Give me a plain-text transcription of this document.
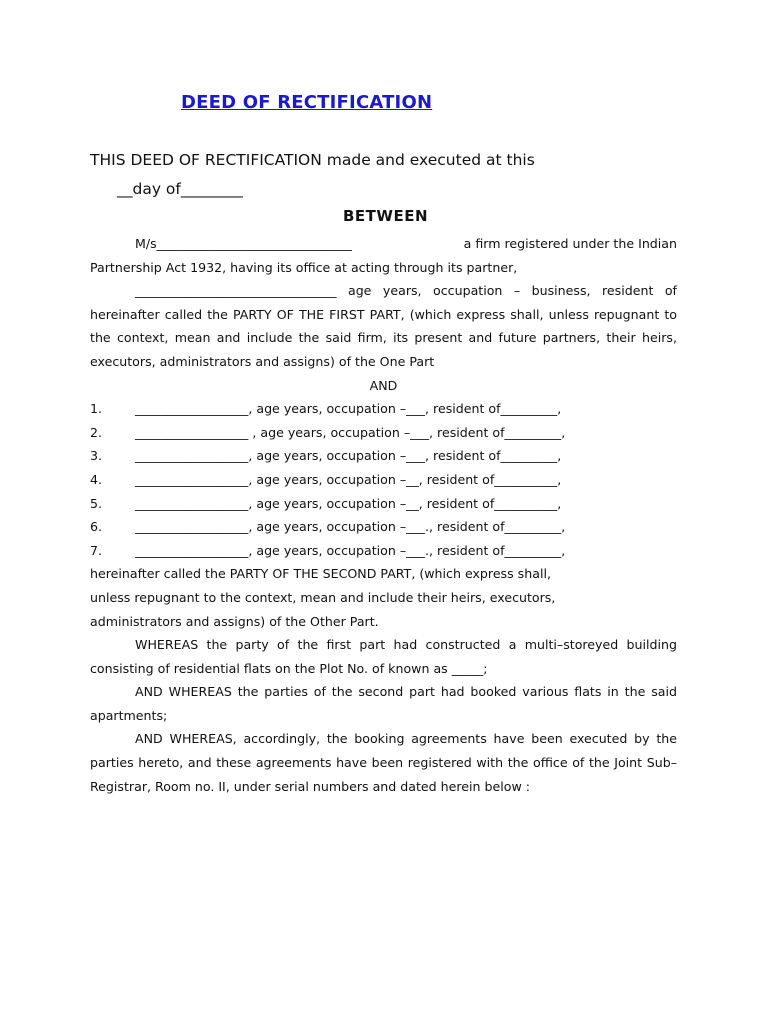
DEED OF RECTIFICATION
THIS DEED OF RECTIFICATION made and executed at this
__day of________
BETWEEN

M/s_______________________________	a firm registered under the Indian

Partnership Act 1932, having its office at acting through its partner,

________________________________ age years, occupation – business, resident of

hereinafter called the PARTY OF THE FIRST PART, (which express shall, unless repugnant to the context, mean and include the said firm, its present and future partners, their heirs, executors, administrators and assigns) of the One Part

AND

1.	__________________, age years, occupation –___, resident of_________,

2.	__________________ , age years, occupation –___, resident of_________,

3.	__________________, age years, occupation –___, resident of_________,

4.	__________________, age years, occupation –__, resident of__________,

5.	__________________, age years, occupation –__, resident of__________,

6.	__________________, age years, occupation –___., resident of_________,

7.	__________________, age years, occupation –___., resident of_________,

hereinafter called the PARTY OF THE SECOND PART, (which express shall,

unless repugnant to the context, mean and include their heirs, executors,

administrators and assigns) of the Other Part.

WHEREAS the party of the first part had constructed a multi–storeyed building consisting of residential flats on the Plot No. of known as _____;

AND WHEREAS the parties of the second part had booked various flats in the said apartments;

AND WHEREAS, accordingly, the booking agreements have been executed by the parties hereto, and these agreements have been registered with the office of the Joint Sub–Registrar, Room no. II, under serial numbers and dated herein below :
